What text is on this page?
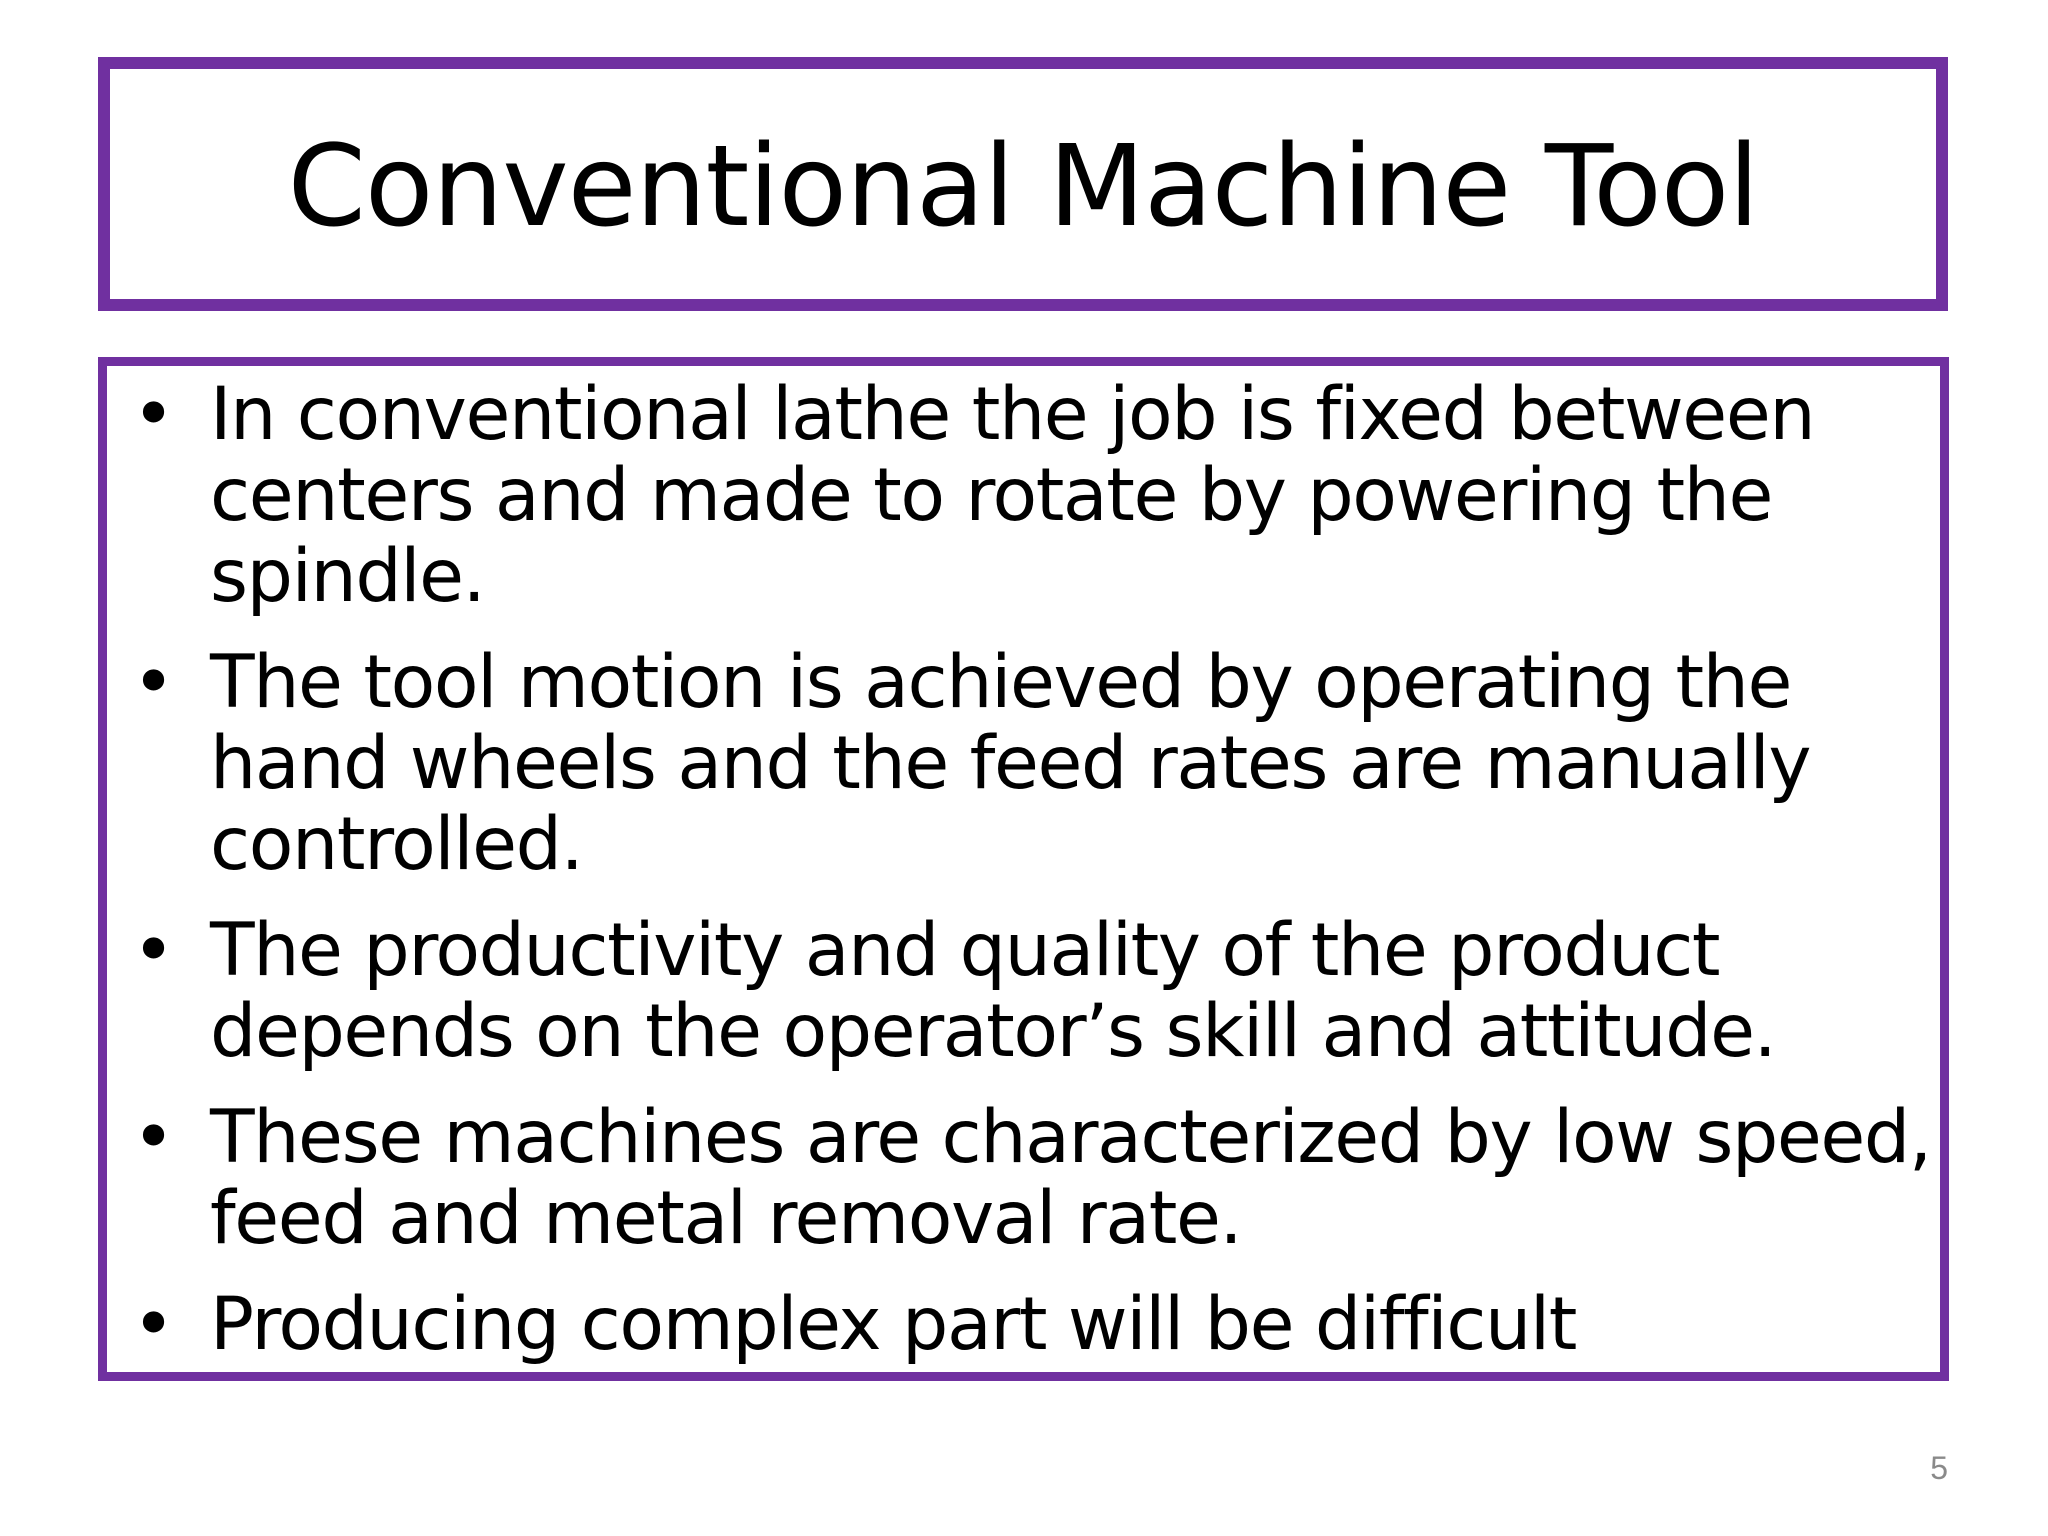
Conventional Machine Tool
• In conventional lathe the job is fixed between
centers and made to rotate by powering the
spindle.
• The tool motion is achieved by operating the
hand wheels and the feed rates are manually
controlled.
• The productivity and quality of the product
depends on the operator’s skill and attitude.
• These machines are characterized by low speed,
feed and metal removal rate.
• Producing complex part will be difficult
5
